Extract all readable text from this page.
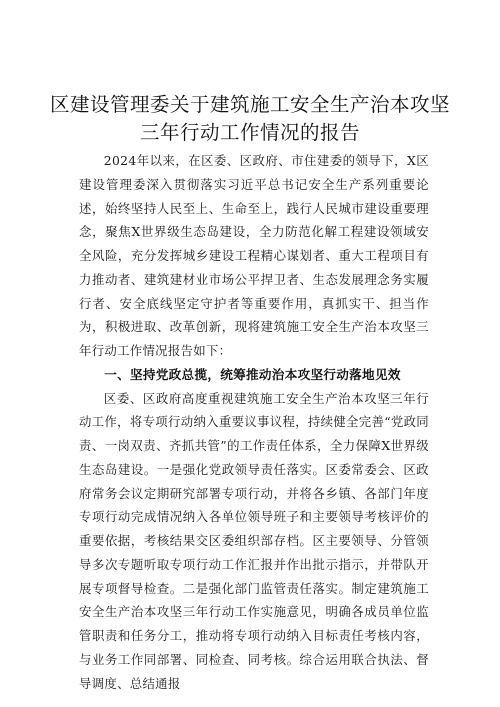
区建设管理委关于建筑施工安全生产治本攻坚
三年行动工作情况的报告

2024年以来，在区委、区政府、市住建委的领导下，X区建设管理委深入贯彻落实习近平总书记安全生产系列重要论述，始终坚持人民至上、生命至上，践行人民城市建设重要理念，聚焦X世界级生态岛建设，全力防范化解工程建设领域安全风险，充分发挥城乡建设工程精心谋划者、重大工程项目有力推动者、建筑建材业市场公平捍卫者、生态发展理念务实履行者、安全底线坚定守护者等重要作用，真抓实干、担当作为，积极进取、改革创新，现将建筑施工安全生产治本攻坚三年行动工作情况报告如下：

一、坚持党政总揽，统筹推动治本攻坚行动落地见效

区委、区政府高度重视建筑施工安全生产治本攻坚三年行动工作，将专项行动纳入重要议事议程，持续健全完善“党政同责、一岗双责、齐抓共管”的工作责任体系，全力保障X世界级生态岛建设。一是强化党政领导责任落实。区委常委会、区政府常务会议定期研究部署专项行动，并将各乡镇、各部门年度专项行动完成情况纳入各单位领导班子和主要领导考核评价的重要依据，考核结果交区委组织部存档。区主要领导、分管领导多次专题听取专项行动工作汇报并作出批示指示，并带队开展专项督导检查。二是强化部门监管责任落实。制定建筑施工安全生产治本攻坚三年行动工作实施意见，明确各成员单位监管职责和任务分工，推动将专项行动纳入目标责任考核内容，与业务工作同部署、同检查、同考核。综合运用联合执法、督导调度、总结通报
